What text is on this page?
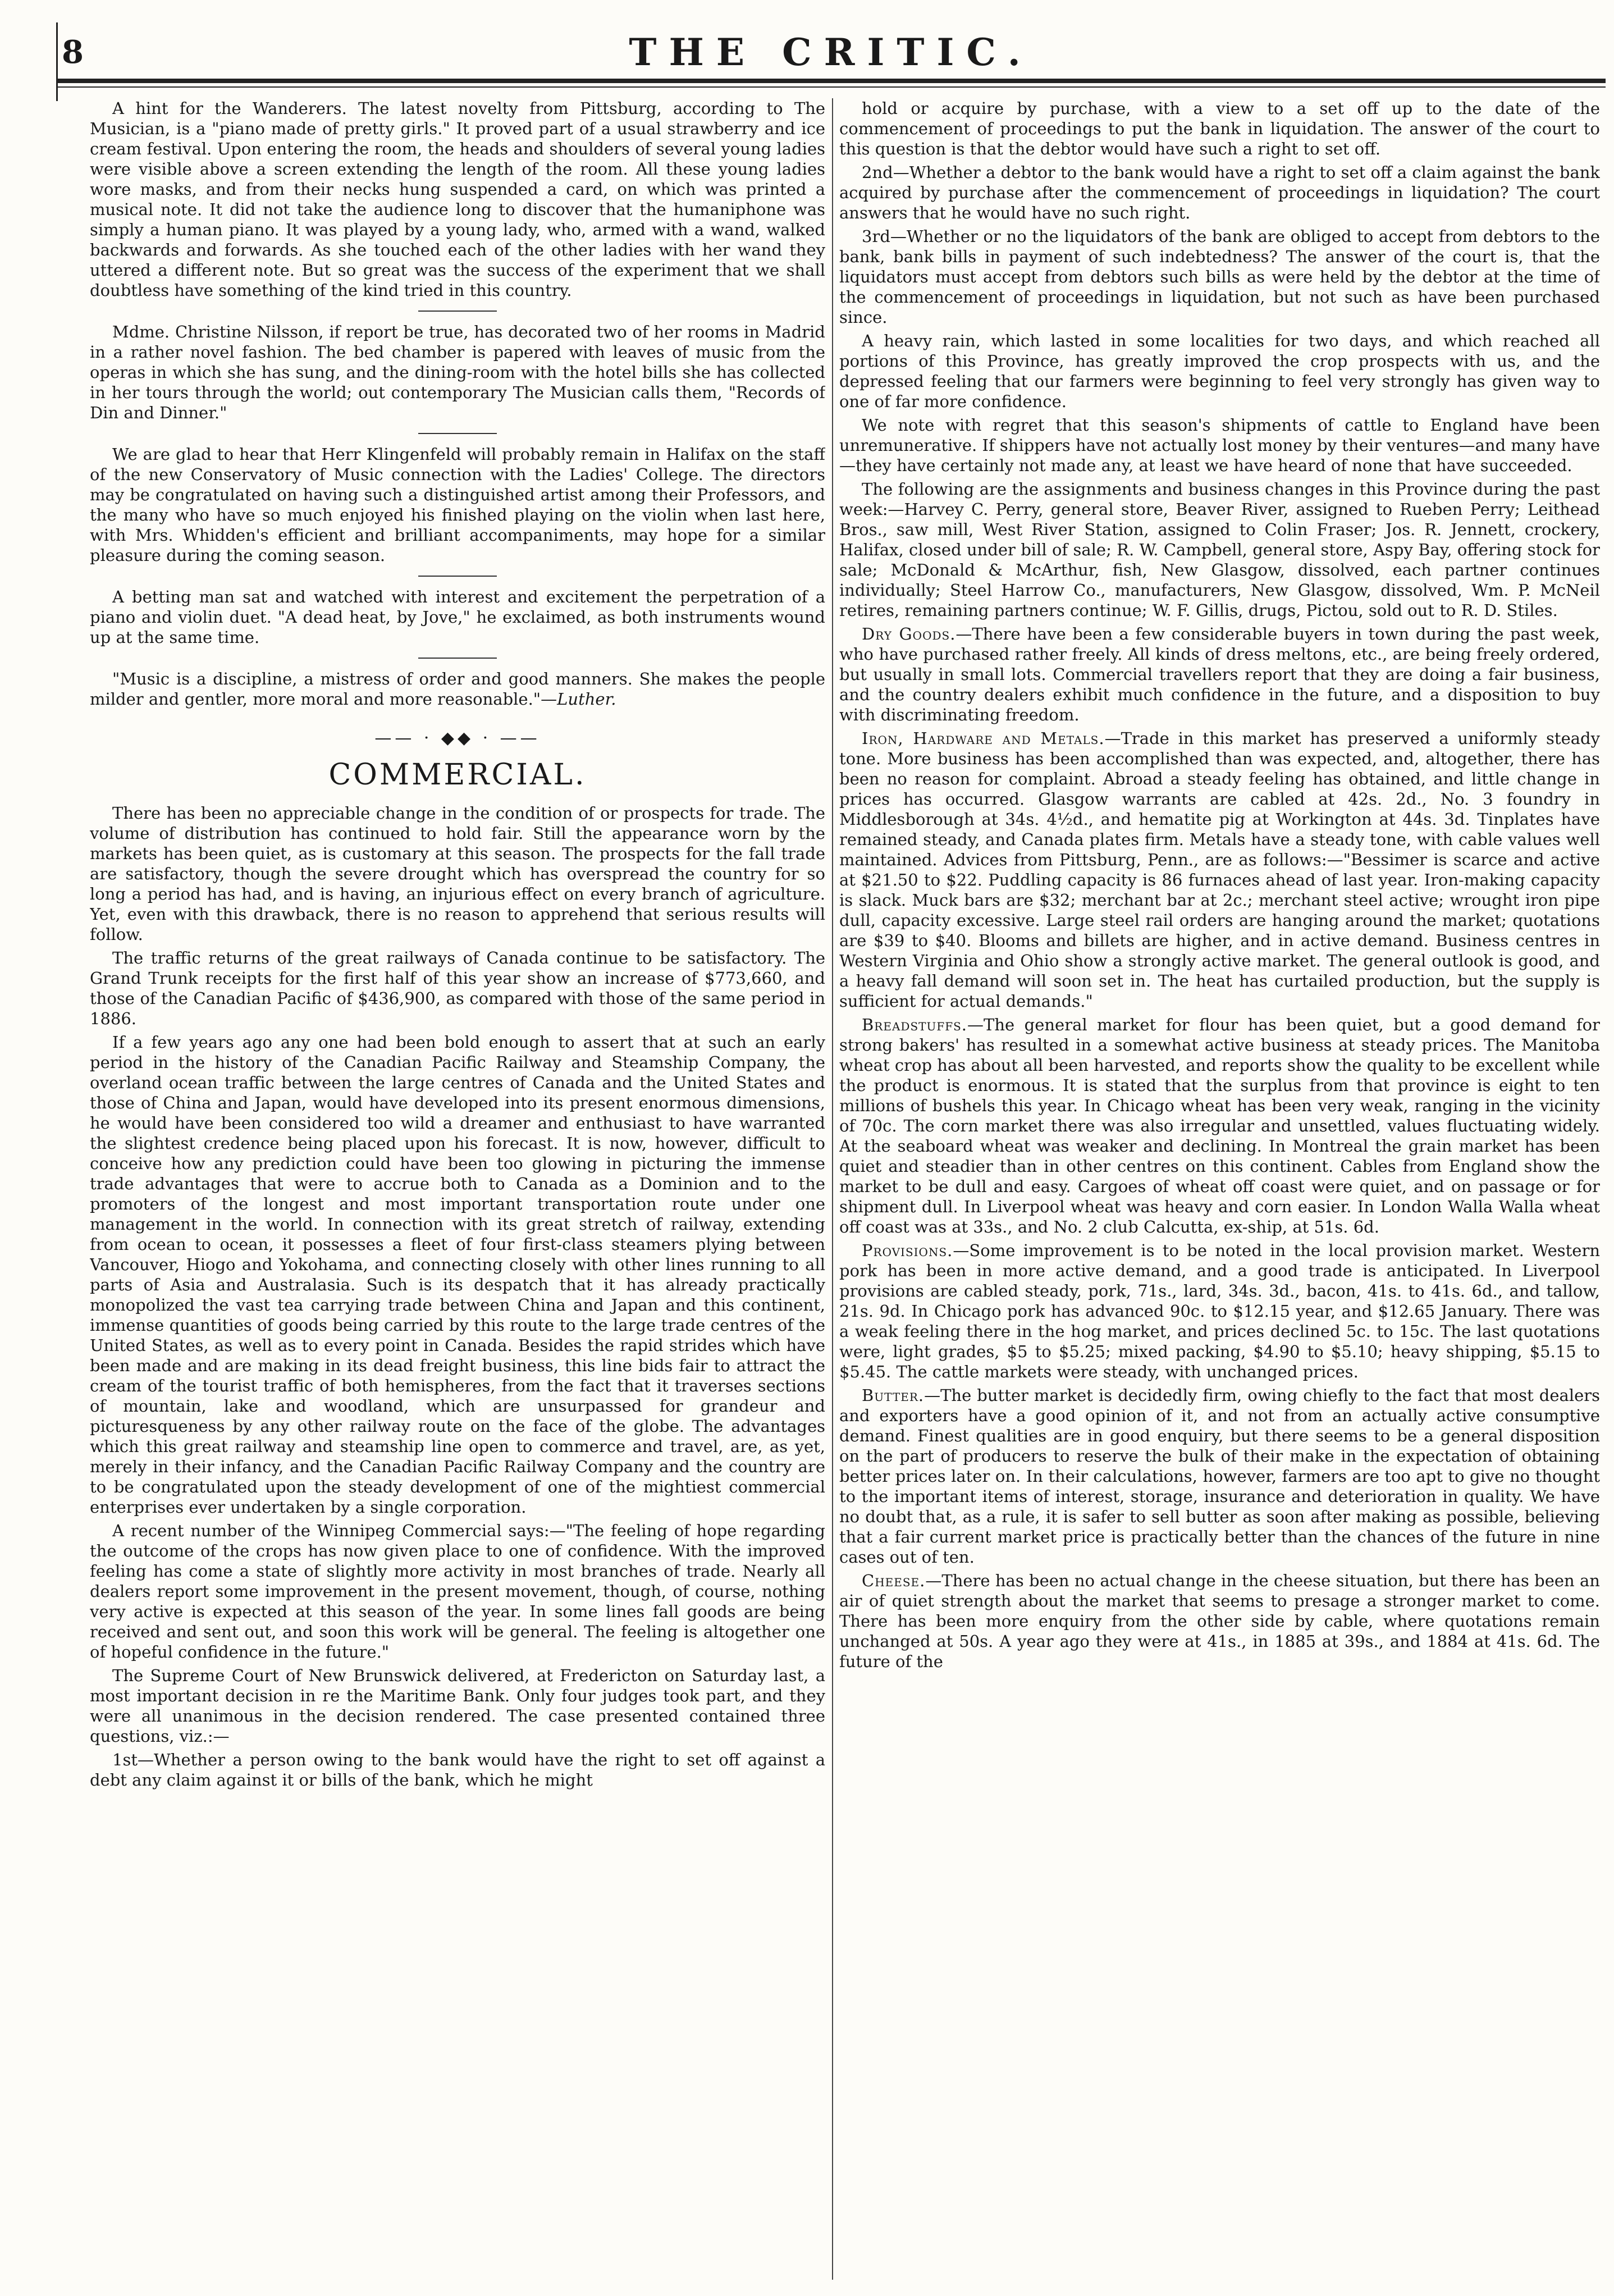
8	THE CRITIC.

A hint for the Wanderers. The latest novelty from Pittsburg, according to The Musician, is a "piano made of pretty girls." It proved part of a usual strawberry and ice cream festival. Upon entering the room, the heads and shoulders of several young ladies were visible above a screen extending the length of the room. All these young ladies wore masks, and from their necks hung suspended a card, on which was printed a musical note. It did not take the audience long to discover that the humaniphone was simply a human piano. It was played by a young lady, who, armed with a wand, walked backwards and forwards. As she touched each of the other ladies with her wand they uttered a different note. But so great was the success of the experiment that we shall doubtless have something of the kind tried in this country.

Mdme. Christine Nilsson, if report be true, has decorated two of her rooms in Madrid in a rather novel fashion. The bed chamber is papered with leaves of music from the operas in which she has sung, and the dining-room with the hotel bills she has collected in her tours through the world; out contemporary The Musician calls them, "Records of Din and Dinner."

We are glad to hear that Herr Klingenfeld will probably remain in Halifax on the staff of the new Conservatory of Music connection with the Ladies' College. The directors may be congratulated on having such a distinguished artist among their Professors, and the many who have so much enjoyed his finished playing on the violin when last here, with Mrs. Whidden's efficient and brilliant accompaniments, may hope for a similar pleasure during the coming season.

A betting man sat and watched with interest and excitement the perpetration of a piano and violin duet. "A dead heat, by Jove," he exclaimed, as both instruments wound up at the same time.

"Music is a discipline, a mistress of order and good manners. She makes the people milder and gentler, more moral and more reasonable."—Luther.

—— · ◆◆ · ——
COMMERCIAL.

There has been no appreciable change in the condition of or prospects for trade. The volume of distribution has continued to hold fair. Still the appearance worn by the markets has been quiet, as is customary at this season. The prospects for the fall trade are satisfactory, though the severe drought which has overspread the country for so long a period has had, and is having, an injurious effect on every branch of agriculture. Yet, even with this drawback, there is no reason to apprehend that serious results will follow.

The traffic returns of the great railways of Canada continue to be satisfactory. The Grand Trunk receipts for the first half of this year show an increase of $773,660, and those of the Canadian Pacific of $436,900, as compared with those of the same period in 1886.

If a few years ago any one had been bold enough to assert that at such an early period in the history of the Canadian Pacific Railway and Steamship Company, the overland ocean traffic between the large centres of Canada and the United States and those of China and Japan, would have developed into its present enormous dimensions, he would have been considered too wild a dreamer and enthusiast to have warranted the slightest credence being placed upon his forecast. It is now, however, difficult to conceive how any prediction could have been too glowing in picturing the immense trade advantages that were to accrue both to Canada as a Dominion and to the promoters of the longest and most important transportation route under one management in the world. In connection with its great stretch of railway, extending from ocean to ocean, it possesses a fleet of four first-class steamers plying between Vancouver, Hiogo and Yokohama, and connecting closely with other lines running to all parts of Asia and Australasia. Such is its despatch that it has already practically monopolized the vast tea carrying trade between China and Japan and this continent, immense quantities of goods being carried by this route to the large trade centres of the United States, as well as to every point in Canada. Besides the rapid strides which have been made and are making in its dead freight business, this line bids fair to attract the cream of the tourist traffic of both hemispheres, from the fact that it traverses sections of mountain, lake and woodland, which are unsurpassed for grandeur and picturesqueness by any other railway route on the face of the globe. The advantages which this great railway and steamship line open to commerce and travel, are, as yet, merely in their infancy, and the Canadian Pacific Railway Company and the country are to be congratulated upon the steady development of one of the mightiest commercial enterprises ever undertaken by a single corporation.

A recent number of the Winnipeg Commercial says:—"The feeling of hope regarding the outcome of the crops has now given place to one of confidence. With the improved feeling has come a state of slightly more activity in most branches of trade. Nearly all dealers report some improvement in the present movement, though, of course, nothing very active is expected at this season of the year. In some lines fall goods are being received and sent out, and soon this work will be general. The feeling is altogether one of hopeful confidence in the future."

The Supreme Court of New Brunswick delivered, at Fredericton on Saturday last, a most important decision in re the Maritime Bank. Only four judges took part, and they were all unanimous in the decision rendered. The case presented contained three questions, viz.:—

1st—Whether a person owing to the bank would have the right to set off against a debt any claim against it or bills of the bank, which he might

hold or acquire by purchase, with a view to a set off up to the date of the commencement of proceedings to put the bank in liquidation. The answer of the court to this question is that the debtor would have such a right to set off.

2nd—Whether a debtor to the bank would have a right to set off a claim against the bank acquired by purchase after the commencement of proceedings in liquidation? The court answers that he would have no such right.

3rd—Whether or no the liquidators of the bank are obliged to accept from debtors to the bank, bank bills in payment of such indebtedness? The answer of the court is, that the liquidators must accept from debtors such bills as were held by the debtor at the time of the commencement of proceedings in liquidation, but not such as have been purchased since.

A heavy rain, which lasted in some localities for two days, and which reached all portions of this Province, has greatly improved the crop prospects with us, and the depressed feeling that our farmers were beginning to feel very strongly has given way to one of far more confidence.

We note with regret that this season's shipments of cattle to England have been unremunerative. If shippers have not actually lost money by their ventures—and many have—they have certainly not made any, at least we have heard of none that have succeeded.

The following are the assignments and business changes in this Province during the past week:—Harvey C. Perry, general store, Beaver River, assigned to Rueben Perry; Leithead Bros., saw mill, West River Station, assigned to Colin Fraser; Jos. R. Jennett, crockery, Halifax, closed under bill of sale; R. W. Campbell, general store, Aspy Bay, offering stock for sale; McDonald & McArthur, fish, New Glasgow, dissolved, each partner continues individually; Steel Harrow Co., manufacturers, New Glasgow, dissolved, Wm. P. McNeil retires, remaining partners continue; W. F. Gillis, drugs, Pictou, sold out to R. D. Stiles.

Dry Goods.—There have been a few considerable buyers in town during the past week, who have purchased rather freely. All kinds of dress meltons, etc., are being freely ordered, but usually in small lots. Commercial travellers report that they are doing a fair business, and the country dealers exhibit much confidence in the future, and a disposition to buy with discriminating freedom.

Iron, Hardware and Metals.—Trade in this market has preserved a uniformly steady tone. More business has been accomplished than was expected, and, altogether, there has been no reason for complaint. Abroad a steady feeling has obtained, and little change in prices has occurred. Glasgow warrants are cabled at 42s. 2d., No. 3 foundry in Middlesborough at 34s. 4½d., and hematite pig at Workington at 44s. 3d. Tinplates have remained steady, and Canada plates firm. Metals have a steady tone, with cable values well maintained. Advices from Pittsburg, Penn., are as follows:—"Bessimer is scarce and active at $21.50 to $22. Puddling capacity is 86 furnaces ahead of last year. Iron-making capacity is slack. Muck bars are $32; merchant bar at 2c.; merchant steel active; wrought iron pipe dull, capacity excessive. Large steel rail orders are hanging around the market; quotations are $39 to $40. Blooms and billets are higher, and in active demand. Business centres in Western Virginia and Ohio show a strongly active market. The general outlook is good, and a heavy fall demand will soon set in. The heat has curtailed production, but the supply is sufficient for actual demands."

Breadstuffs.—The general market for flour has been quiet, but a good demand for strong bakers' has resulted in a somewhat active business at steady prices. The Manitoba wheat crop has about all been harvested, and reports show the quality to be excellent while the product is enormous. It is stated that the surplus from that province is eight to ten millions of bushels this year. In Chicago wheat has been very weak, ranging in the vicinity of 70c. The corn market there was also irregular and unsettled, values fluctuating widely. At the seaboard wheat was weaker and declining. In Montreal the grain market has been quiet and steadier than in other centres on this continent. Cables from England show the market to be dull and easy. Cargoes of wheat off coast were quiet, and on passage or for shipment dull. In Liverpool wheat was heavy and corn easier. In London Walla Walla wheat off coast was at 33s., and No. 2 club Calcutta, ex-ship, at 51s. 6d.

Provisions.—Some improvement is to be noted in the local provision market. Western pork has been in more active demand, and a good trade is anticipated. In Liverpool provisions are cabled steady, pork, 71s., lard, 34s. 3d., bacon, 41s. to 41s. 6d., and tallow, 21s. 9d. In Chicago pork has advanced 90c. to $12.15 year, and $12.65 January. There was a weak feeling there in the hog market, and prices declined 5c. to 15c. The last quotations were, light grades, $5 to $5.25; mixed packing, $4.90 to $5.10; heavy shipping, $5.15 to $5.45. The cattle markets were steady, with unchanged prices.

Butter.—The butter market is decidedly firm, owing chiefly to the fact that most dealers and exporters have a good opinion of it, and not from an actually active consumptive demand. Finest qualities are in good enquiry, but there seems to be a general disposition on the part of producers to reserve the bulk of their make in the expectation of obtaining better prices later on. In their calculations, however, farmers are too apt to give no thought to the important items of interest, storage, insurance and deterioration in quality. We have no doubt that, as a rule, it is safer to sell butter as soon after making as possible, believing that a fair current market price is practically better than the chances of the future in nine cases out of ten.

Cheese.—There has been no actual change in the cheese situation, but there has been an air of quiet strength about the market that seems to presage a stronger market to come. There has been more enquiry from the other side by cable, where quotations remain unchanged at 50s. A year ago they were at 41s., in 1885 at 39s., and 1884 at 41s. 6d. The future of the
